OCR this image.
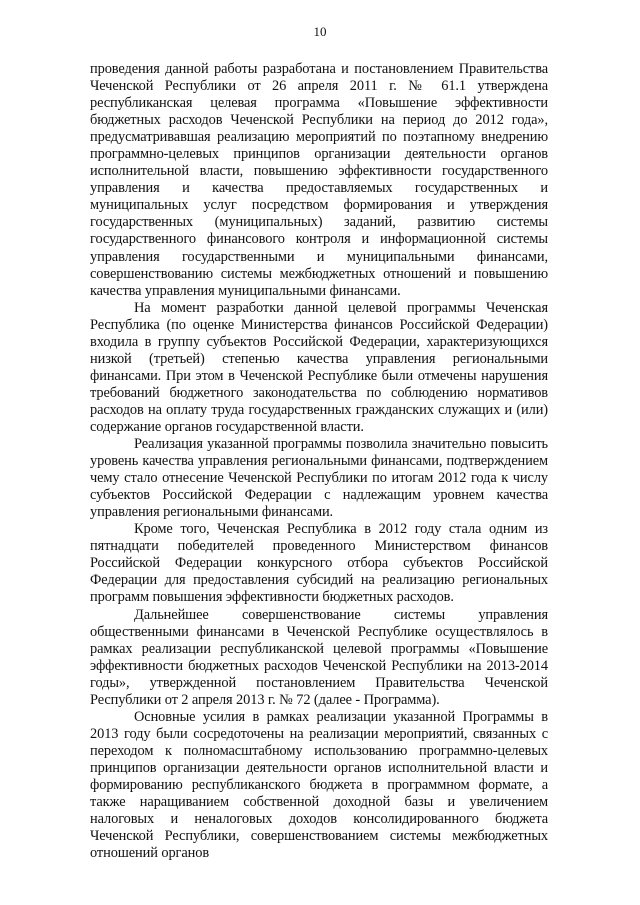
10

проведения данной работы разработана и постановлением Правительства Чеченской Республики от 26 апреля 2011 г. № 61.1 утверждена республиканская целевая программа «Повышение эффективности бюджетных расходов Чеченской Республики на период до 2012 года», предусматривавшая реализацию мероприятий по поэтапному внедрению программно-целевых принципов организации деятельности органов исполнительной власти, повышению эффективности государственного управления и качества предоставляемых государственных и муниципальных услуг посредством формирования и утверждения государственных (муниципальных) заданий, развитию системы государственного финансового контроля и информационной системы управления государственными и муниципальными финансами, совершенствованию системы межбюджетных отношений и повышению качества управления муниципальными финансами.

На момент разработки данной целевой программы Чеченская Республика (по оценке Министерства финансов Российской Федерации) входила в группу субъектов Российской Федерации, характеризующихся низкой (третьей) степенью качества управления региональными финансами. При этом в Чеченской Республике были отмечены нарушения требований бюджетного законодательства по соблюдению нормативов расходов на оплату труда государственных гражданских служащих и (или) содержание органов государственной власти.

Реализация указанной программы позволила значительно повысить уровень качества управления региональными финансами, подтверждением чему стало отнесение Чеченской Республики по итогам 2012 года к числу субъектов Российской Федерации с надлежащим уровнем качества управления региональными финансами.

Кроме того, Чеченская Республика в 2012 году стала одним из пятнадцати победителей проведенного Министерством финансов Российской Федерации конкурсного отбора субъектов Российской Федерации для предоставления субсидий на реализацию региональных программ повышения эффективности бюджетных расходов.

Дальнейшее совершенствование системы управления общественными финансами в Чеченской Республике осуществлялось в рамках реализации республиканской целевой программы «Повышение эффективности бюджетных расходов Чеченской Республики на 2013-2014 годы», утвержденной постановлением Правительства Чеченской Республики от 2 апреля 2013 г. № 72 (далее - Программа).

Основные усилия в рамках реализации указанной Программы в 2013 году были сосредоточены на реализации мероприятий, связанных с переходом к полномасштабному использованию программно-целевых принципов организации деятельности органов исполнительной власти и формированию республиканского бюджета в программном формате, а также наращиванием собственной доходной базы и увеличением налоговых и неналоговых доходов консолидированного бюджета Чеченской Республики, совершенствованием системы межбюджетных отношений органов
